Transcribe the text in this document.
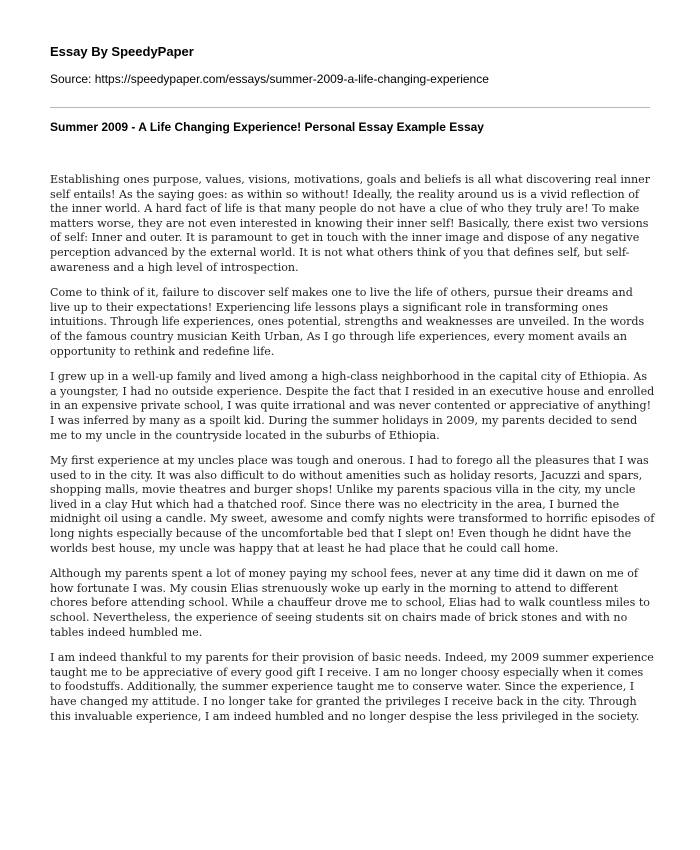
Essay By SpeedyPaper
Source: https://speedypaper.com/essays/summer-2009-a-life-changing-experience
Summer 2009 - A Life Changing Experience! Personal Essay Example Essay

Establishing ones purpose, values, visions, motivations, goals and beliefs is all what discovering real inner self entails! As the saying goes: as within so without! Ideally, the reality around us is a vivid reflection of the inner world. A hard fact of life is that many people do not have a clue of who they truly are! To make matters worse, they are not even interested in knowing their inner self! Basically, there exist two versions of self: Inner and outer. It is paramount to get in touch with the inner image and dispose of any negative perception advanced by the external world. It is not what others think of you that defines self, but self-awareness and a high level of introspection.

Come to think of it, failure to discover self makes one to live the life of others, pursue their dreams and live up to their expectations! Experiencing life lessons plays a significant role in transforming ones intuitions. Through life experiences, ones potential, strengths and weaknesses are unveiled. In the words of the famous country musician Keith Urban, As I go through life experiences, every moment avails an opportunity to rethink and redefine life.

I grew up in a well-up family and lived among a high-class neighborhood in the capital city of Ethiopia. As a youngster, I had no outside experience. Despite the fact that I resided in an executive house and enrolled in an expensive private school, I was quite irrational and was never contented or appreciative of anything! I was inferred by many as a spoilt kid. During the summer holidays in 2009, my parents decided to send me to my uncle in the countryside located in the suburbs of Ethiopia.

My first experience at my uncles place was tough and onerous. I had to forego all the pleasures that I was used to in the city. It was also difficult to do without amenities such as holiday resorts, Jacuzzi and spars, shopping malls, movie theatres and burger shops! Unlike my parents spacious villa in the city, my uncle lived in a clay Hut which had a thatched roof. Since there was no electricity in the area, I burned the midnight oil using a candle. My sweet, awesome and comfy nights were transformed to horrific episodes of long nights especially because of the uncomfortable bed that I slept on! Even though he didnt have the worlds best house, my uncle was happy that at least he had place that he could call home.

Although my parents spent a lot of money paying my school fees, never at any time did it dawn on me of how fortunate I was. My cousin Elias strenuously woke up early in the morning to attend to different chores before attending school. While a chauffeur drove me to school, Elias had to walk countless miles to school. Nevertheless, the experience of seeing students sit on chairs made of brick stones and with no tables indeed humbled me.

I am indeed thankful to my parents for their provision of basic needs. Indeed, my 2009 summer experience taught me to be appreciative of every good gift I receive. I am no longer choosy especially when it comes to foodstuffs. Additionally, the summer experience taught me to conserve water. Since the experience, I have changed my attitude. I no longer take for granted the privileges I receive back in the city. Through this invaluable experience, I am indeed humbled and no longer despise the less privileged in the society.
